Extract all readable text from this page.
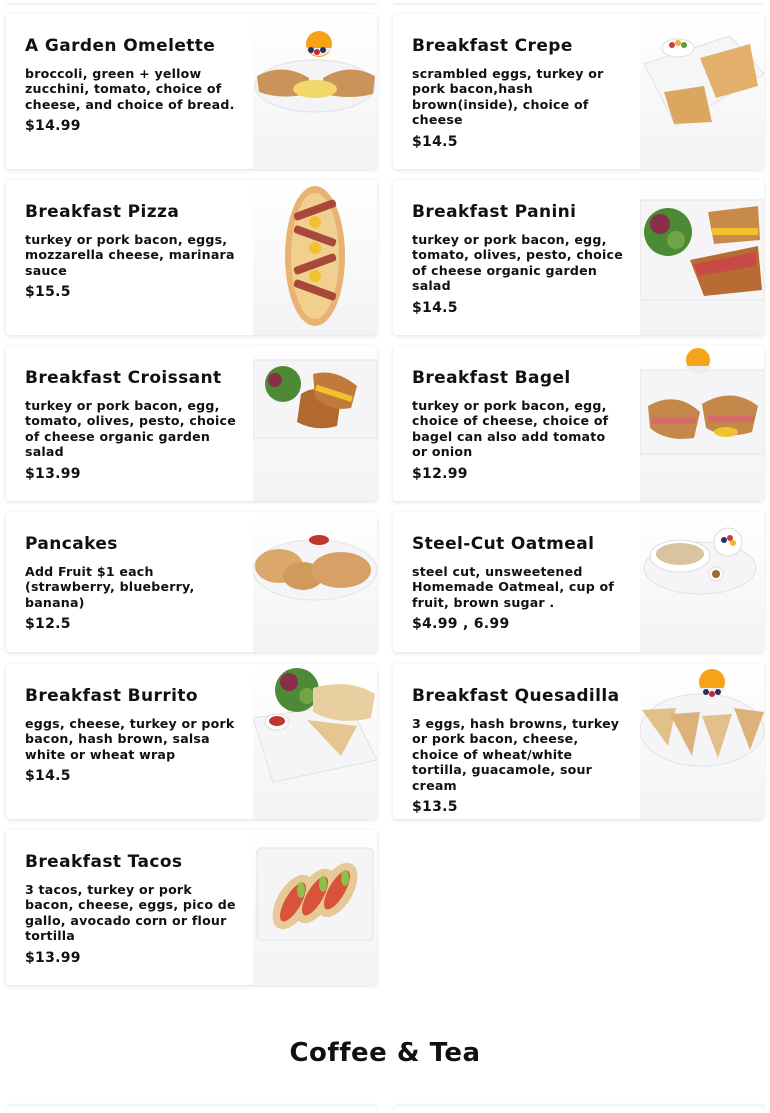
A Garden Omelette
broccoli, green + yellow zucchini, tomato, choice of cheese, and choice of bread.
$14.99
Breakfast Crepe
scrambled eggs, turkey or pork bacon,hash brown(inside), choice of cheese
$14.5
Breakfast Pizza
turkey or pork bacon, eggs, mozzarella cheese, marinara sauce
$15.5
Breakfast Panini
turkey or pork bacon, egg, tomato, olives, pesto, choice of cheese organic garden salad
$14.5
Breakfast Croissant
turkey or pork bacon, egg, tomato, olives, pesto, choice of cheese organic garden salad
$13.99
Breakfast Bagel
turkey or pork bacon, egg, choice of cheese, choice of bagel can also add tomato or onion
$12.99
Pancakes
Add Fruit $1 each (strawberry, blueberry, banana)
$12.5
Steel-Cut Oatmeal
steel cut, unsweetened Homemade Oatmeal, cup of fruit, brown sugar .
$4.99 , 6.99
Breakfast Burrito
eggs, cheese, turkey or pork bacon, hash brown, salsa white or wheat wrap
$14.5
Breakfast Quesadilla
3 eggs, hash browns, turkey or pork bacon, cheese, choice of wheat/white tortilla, guacamole, sour cream
$13.5
Breakfast Tacos
3 tacos, turkey or pork bacon, cheese, eggs, pico de gallo, avocado corn or flour tortilla
$13.99
Coffee & Tea
